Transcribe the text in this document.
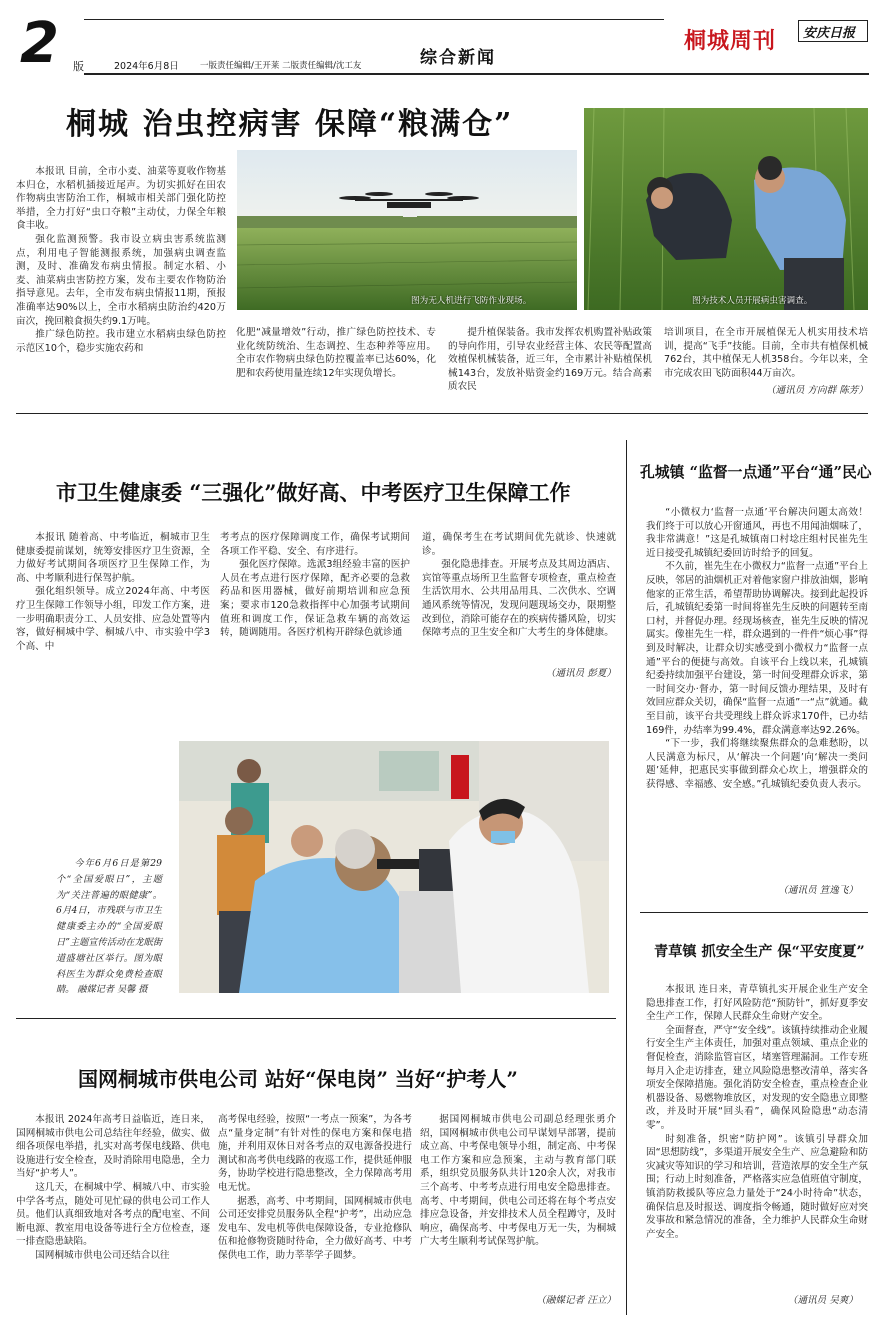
2 版	2024年6月8日 一版责任编辑/王开莱 二版责任编辑/沈工友	综合新闻
桐城周刊 安庆日报
桐城 治虫控病害 保障“粮满仓”
图为无人机进行飞防作业现场。	图为技术人员开展病虫害调查。

本报讯 目前，全市小麦、油菜等夏收作物基本归仓，水稻机插接近尾声。为切实抓好在田农作物病虫害防治工作，桐城市相关部门强化防控举措，全力打好“虫口夺粮”主动仗，力保全年粮食丰收。

强化监测预警。我市设立病虫害系统监测点，利用电子智能测报系统，加强病虫调查监测，及时、准确发布病虫情报。制定水稻、小麦、油菜病虫害防控方案，发布主要农作物防治指导意见。去年，全市发布病虫情报11期，预报准确率达90%以上，全市水稻病虫防治约420万亩次，挽回粮食损失约9.1万吨。

推广绿色防控。我市建立水稻病虫绿色防控示范区10个，稳步实施农药和

化肥“减量增效”行动，推广绿色防控技术、专业化统防统治、生态调控、生态种养等应用。全市农作物病虫绿色防控覆盖率已达60%，化肥和农药使用量连续12年实现负增长。

提升植保装备。我市发挥农机购置补贴政策的导向作用，引导农业经营主体、农民等配置高效植保机械装备，近三年，全市累计补贴植保机械143台，发放补贴资金约169万元。结合高素质农民

培训项目，在全市开展植保无人机实用技术培训，提高“飞手”技能。目前，全市共有植保机械762台，其中植保无人机358台。今年以来，全市完成农田飞防面积44万亩次。

（通讯员 方向群 陈芳）
市卫生健康委 “三强化”做好高、中考医疗卫生保障工作

本报讯 随着高、中考临近，桐城市卫生健康委提前谋划，统筹安排医疗卫生资源，全力做好考试期间各项医疗卫生保障工作，为高、中考顺利进行保驾护航。

强化组织领导。成立2024年高、中考医疗卫生保障工作领导小组，印发工作方案，进一步明确职责分工、人员安排、应急处置等内容，做好桐城中学、桐城八中、市实验中学3个高、中

考考点的医疗保障调度工作，确保考试期间各项工作平稳、安全、有序进行。

强化医疗保障。选派3组经验丰富的医护人员在考点进行医疗保障，配齐必要的急救药品和医用器械，做好前期培训和应急预案；要求市120急救指挥中心加强考试期间值班和调度工作，保证急救车辆的高效运转，随调随用。各医疗机构开辟绿色就诊通

道，确保考生在考试期间优先就诊、快速就诊。

强化隐患排查。开展考点及其周边酒店、宾馆等重点场所卫生监督专项检查，重点检查生活饮用水、公共用品用具、二次供水、空调通风系统等情况，发现问题现场交办，限期整改到位，消除可能存在的疾病传播风险，切实保障考点的卫生安全和广大考生的身体健康。

（通讯员 彭夏）
今年6月6日是第29个“全国爱眼日”，主题为“关注普遍的眼健康”。6月4日，市残联与市卫生健康委主办的“全国爱眼日”主题宣传活动在龙眠街道盛塘社区举行。图为眼科医生为群众免费检查眼睛。 融媒记者 吴馨 摄
孔城镇 “监督一点通”平台“通”民心

“小微权力‘监督一点通’平台解决问题太高效！我们终于可以放心开窗通风，再也不用闻油烟味了，我非常满意！”这是孔城镇南口村埝庄组村民崔先生近日接受孔城镇纪委回访时给予的回复。

不久前，崔先生在小微权力“监督一点通”平台上反映，邻居的油烟机正对着他家窗户排放油烟，影响他家的正常生活，希望帮助协调解决。接到此起投诉后，孔城镇纪委第一时间将崔先生反映的问题转至南口村，并督促办理。经现场核查，崔先生反映的情况属实。像崔先生一样，群众遇到的一件件“烦心事”得到及时解决，让群众切实感受到小微权力“监督一点通”平台的便捷与高效。自该平台上线以来，孔城镇纪委持续加强平台建设，第一时间受理群众诉求，第一时间交办·督办，第一时间反馈办理结果，及时有效回应群众关切，确保“监督一点通”一“点”就通。截至目前，该平台共受理线上群众诉求170件，已办结169件，办结率为99.4%，群众满意率达92.26%。

“下一步，我们将继续聚焦群众的急难愁盼，以人民满意为标尺，从‘解决一个问题’向‘解决一类问题’延伸，把惠民实事做到群众心坎上，增强群众的获得感、幸福感、安全感。”孔城镇纪委负责人表示。

（通讯员 笪逸飞）
青草镇 抓安全生产 保“平安度夏”

本报讯 连日来，青草镇扎实开展企业生产安全隐患排查工作，打好风险防范“预防针”，抓好夏季安全生产工作，保障人民群众生命财产安全。

全面督查，严守“安全线”。该镇持续推动企业履行安全生产主体责任，加强对重点领域、重点企业的督促检查，消除监管盲区，堵塞管理漏洞。工作专班每月入企走访排查，建立风险隐患整改清单，落实各项安全保障措施。强化消防安全检查，重点检查企业机器设备、易燃物堆放区，对发现的安全隐患立即整改，并及时开展“回头看”，确保风险隐患“动态清零”。

时刻准备，织密“防护网”。该镇引导群众加固“思想防线”，多渠道开展安全生产、应急避险和防灾减灾等知识的学习和培训，营造浓厚的安全生产氛围；行动上时刻准备，严格落实应急值班值守制度，镇消防救援队等应急力量处于“24小时待命”状态，确保信息及时报送、调度指令畅通，随时做好应对突发事故和紧急情况的准备，全力维护人民群众生命财产安全。

（通讯员 吴爽）
国网桐城市供电公司 站好“保电岗” 当好“护考人”

本报讯 2024年高考日益临近，连日来，国网桐城市供电公司总结往年经验，做实、做细各项保电举措，扎实对高考保电线路、供电设施进行安全检查，及时消除用电隐患，全力当好“护考人”。

这几天，在桐城中学、桐城八中、市实验中学各考点，随处可见忙碌的供电公司工作人员。他们认真细致地对各考点的配电室、不间断电源、教室用电设备等进行全方位检查，逐一排查隐患缺陷。

国网桐城市供电公司还结合以往

高考保电经验，按照“一考点一预案”，为各考点“量身定制”有针对性的保电方案和保电措施，并利用双休日对各考点的双电源备投进行测试和高考供电线路的夜巡工作，提供延伸服务，协助学校进行隐患整改，全力保障高考用电无忧。

据悉，高考、中考期间，国网桐城市供电公司还安排党员服务队全程“护考”，出动应急发电车、发电机等供电保障设备，专业抢修队伍和抢修物资随时待命，全力做好高考、中考保供电工作，助力莘莘学子圆梦。

据国网桐城市供电公司副总经理张勇介绍，国网桐城市供电公司早谋划早部署，提前成立高、中考保电领导小组，制定高、中考保电工作方案和应急预案，主动与教育部门联系，组织党员服务队共计120余人次，对我市三个高考、中考考点进行用电安全隐患排查。高考、中考期间，供电公司还将在每个考点安排应急设备，并安排技术人员全程蹲守，及时响应，确保高考、中考保电万无一失，为桐城广大考生顺利考试保驾护航。

（融媒记者 汪立）
